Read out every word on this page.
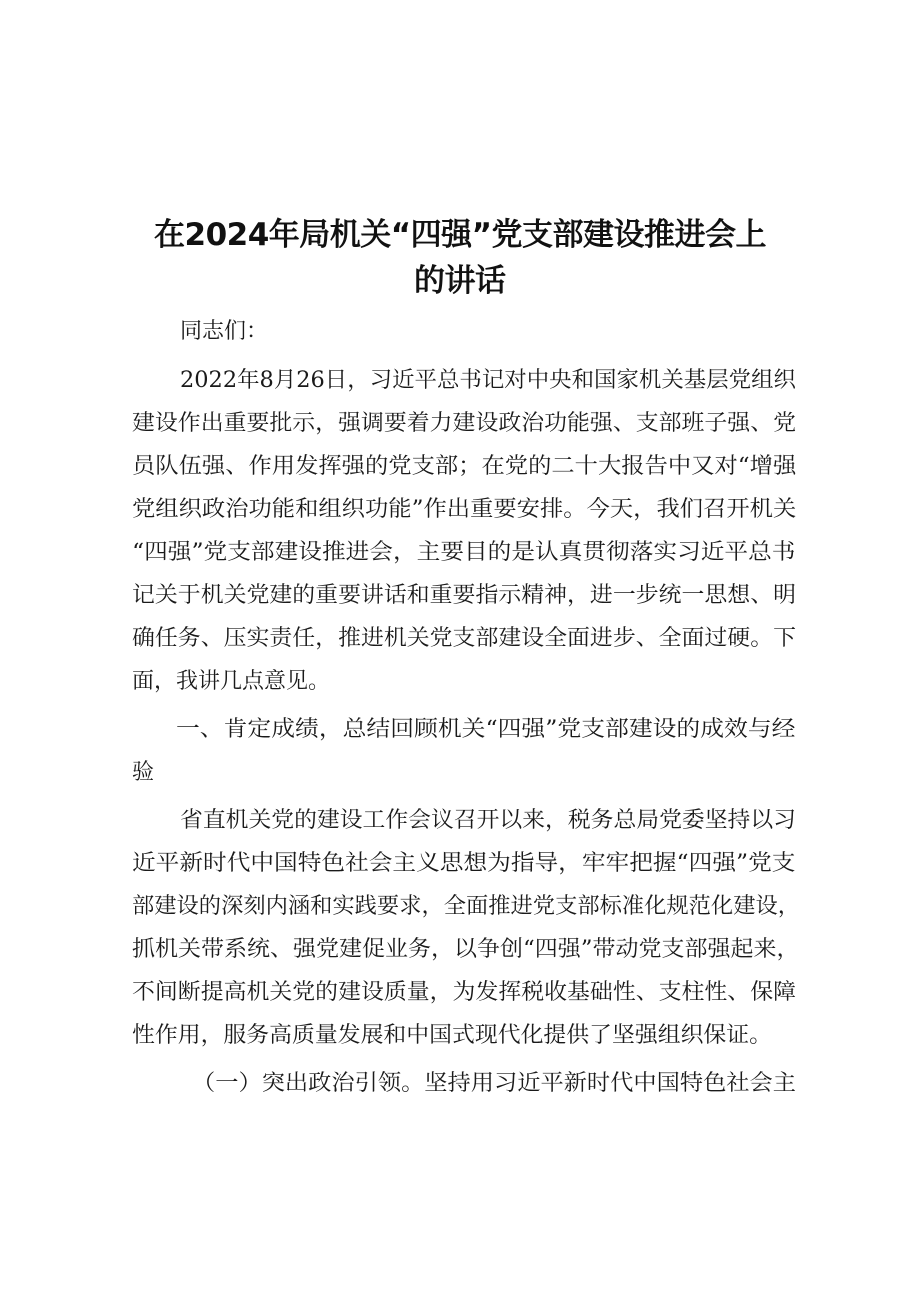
在2024年局机关“四强”党支部建设推进会上
的讲话

同志们：

2022年8月26日，习近平总书记对中央和国家机关基层党组织

建设作出重要批示，强调要着力建设政治功能强、支部班子强、党

员队伍强、作用发挥强的党支部；在党的二十大报告中又对“增强

党组织政治功能和组织功能”作出重要安排。今天，我们召开机关

“四强”党支部建设推进会，主要目的是认真贯彻落实习近平总书

记关于机关党建的重要讲话和重要指示精神，进一步统一思想、明

确任务、压实责任，推进机关党支部建设全面进步、全面过硬。下

面，我讲几点意见。

一、肯定成绩，总结回顾机关“四强”党支部建设的成效与经

验

省直机关党的建设工作会议召开以来，税务总局党委坚持以习

近平新时代中国特色社会主义思想为指导，牢牢把握“四强”党支

部建设的深刻内涵和实践要求，全面推进党支部标准化规范化建设，

抓机关带系统、强党建促业务，以争创“四强”带动党支部强起来，

不间断提高机关党的建设质量，为发挥税收基础性、支柱性、保障

性作用，服务高质量发展和中国式现代化提供了坚强组织保证。

（一）突出政治引领。坚持用习近平新时代中国特色社会主
